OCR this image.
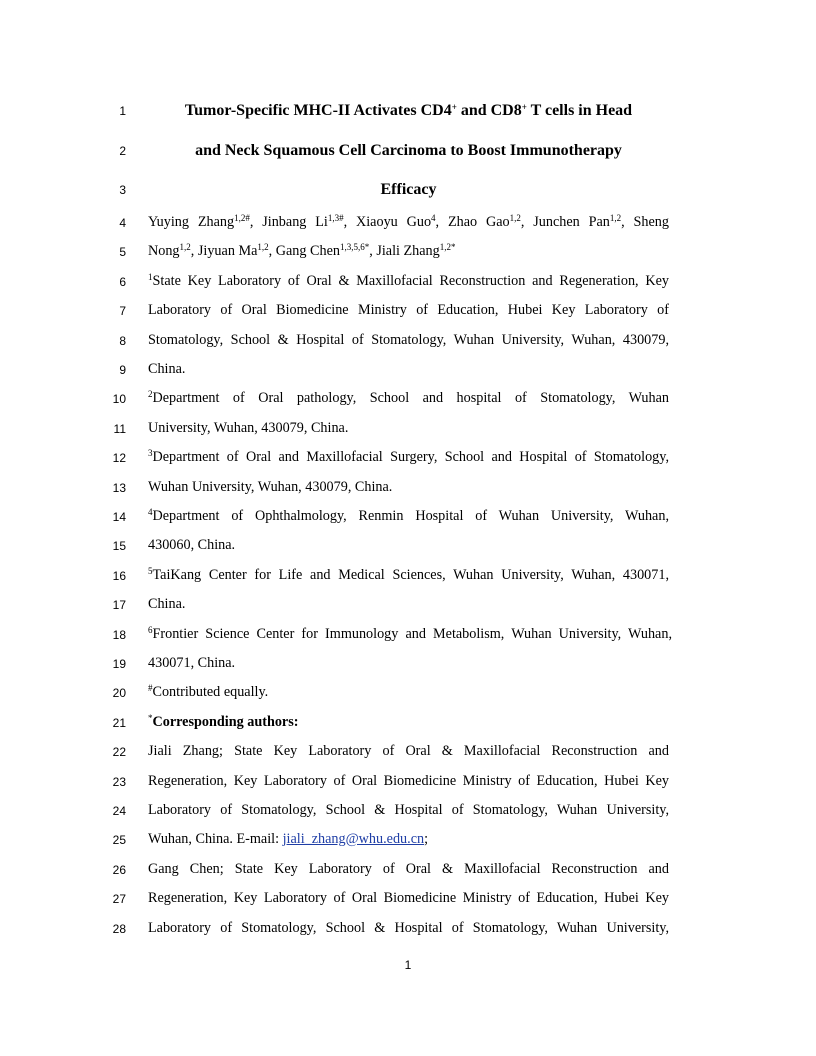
1
2
3
4
5
6
7
8
9
10
11
12
13
14
15
16
17
18
19
20
21
22
23
24
25
26
27
28
Tumor-Specific MHC-II Activates CD4+ and CD8+ T cells in Head
and Neck Squamous Cell Carcinoma to Boost Immunotherapy
Efficacy
Yuying Zhang$^{1,2\#}$, Jinbang $Li^{1,3\#}$, Xiaoyu Guo$^4$, Zhao Gao$^{1,2}$, Junchen Pan$^{1,2}$, Sheng
Nong$^{1,2}$, Jiyuan Ma$^{1,2}$, Gang Chen$^{1,3,5,6*}$, Jiali Zhang$^{1,2*}$
$^1$State Key Laboratory of Oral & Maxillofacial Reconstruction and Regeneration, Key
Laboratory of Oral Biomedicine Ministry of Education, Hubei Key Laboratory of
Stomatology, School & Hospital of Stomatology, Wuhan University, Wuhan, 430079,
China.
$^2$Department of Oral pathology, School and hospital of Stomatology, Wuhan
University, Wuhan, 430079, China.
$^3$Department of Oral and Maxillofacial Surgery, School and Hospital of Stomatology,
Wuhan University, Wuhan, 430079, China.
$^4$Department of Ophthalmology, Renmin Hospital of Wuhan University, Wuhan,
430060, China.
$^5$TaiKang Center for Life and Medical Sciences, Wuhan University, Wuhan, 430071,
China.
$^6$Frontier Science Center for Immunology and Metabolism, Wuhan University, Wuhan,
430071, China.
#Contributed equally.
*Corresponding authors:
Jiali Zhang; State Key Laboratory of Oral & Maxillofacial Reconstruction and
Regeneration, Key Laboratory of Oral Biomedicine Ministry of Education, Hubei Key
Laboratory of Stomatology, School & Hospital of Stomatology, Wuhan University,
Wuhan, China. E-mail: jiali_zhang@whu.edu.cn;
Gang Chen; State Key Laboratory of Oral & Maxillofacial Reconstruction and
Regeneration, Key Laboratory of Oral Biomedicine Ministry of Education, Hubei Key
Laboratory of Stomatology, School & Hospital of Stomatology, Wuhan University,
1
